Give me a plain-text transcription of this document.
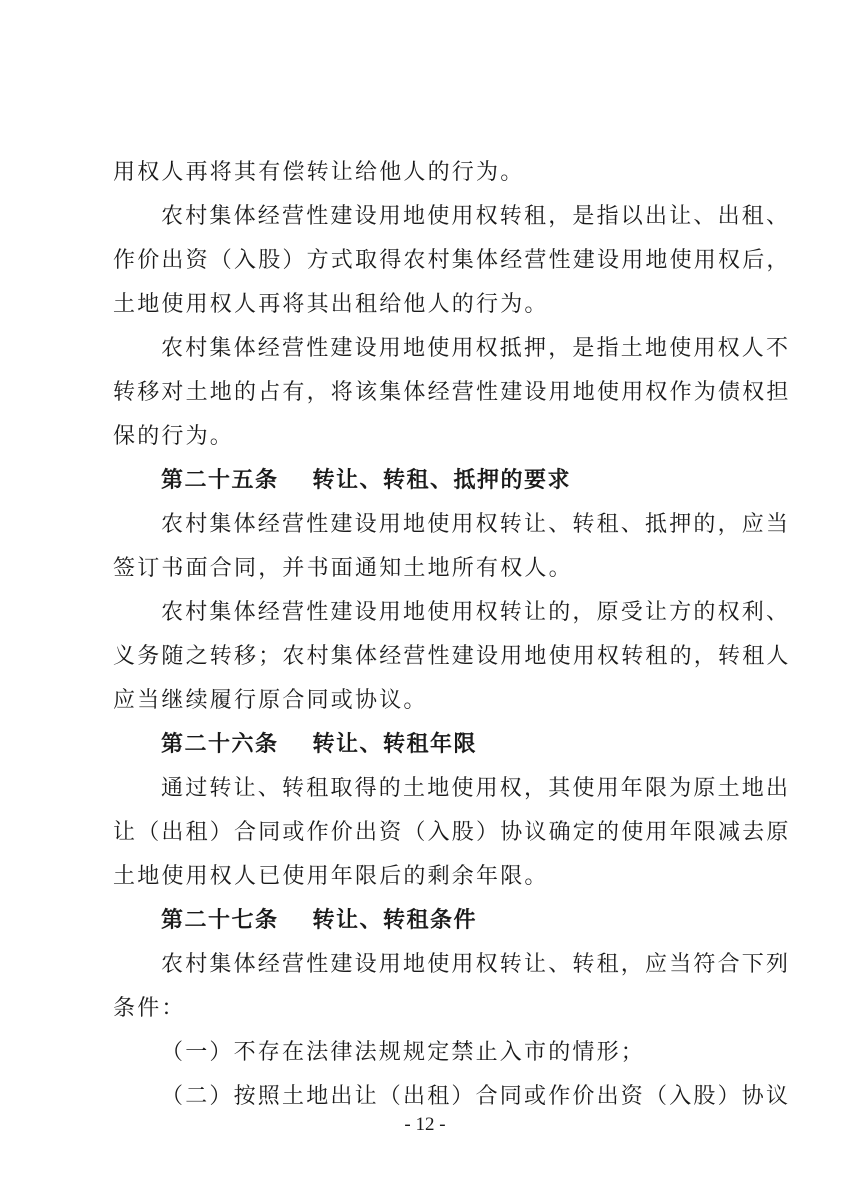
用权人再将其有偿转让给他人的行为。
农村集体经营性建设用地使用权转租，是指以出让、出租、
作价出资（入股）方式取得农村集体经营性建设用地使用权后，
土地使用权人再将其出租给他人的行为。
农村集体经营性建设用地使用权抵押，是指土地使用权人不
转移对土地的占有，将该集体经营性建设用地使用权作为债权担
保的行为。
第二十五条 转让、转租、抵押的要求
农村集体经营性建设用地使用权转让、转租、抵押的，应当
签订书面合同，并书面通知土地所有权人。
农村集体经营性建设用地使用权转让的，原受让方的权利、
义务随之转移；农村集体经营性建设用地使用权转租的，转租人
应当继续履行原合同或协议。
第二十六条 转让、转租年限
通过转让、转租取得的土地使用权，其使用年限为原土地出
让（出租）合同或作价出资（入股）协议确定的使用年限减去原
土地使用权人已使用年限后的剩余年限。
第二十七条 转让、转租条件
农村集体经营性建设用地使用权转让、转租，应当符合下列
条件：
（一）不存在法律法规规定禁止入市的情形；
（二）按照土地出让（出租）合同或作价出资（入股）协议
- 12 -
